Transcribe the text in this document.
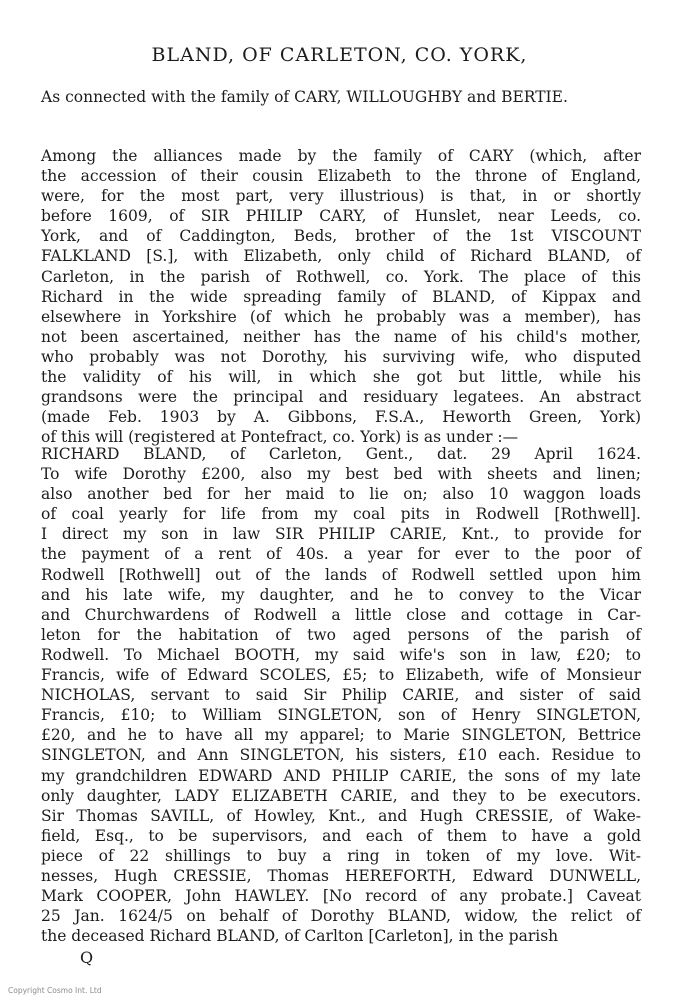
BLAND, OF CARLETON, CO. YORK,
As connected with the family of CARY, WILLOUGHBY and BERTIE.
Among the alliances made by the family of CARY (which, after
the accession of their cousin Elizabeth to the throne of England,
were, for the most part, very illustrious) is that, in or shortly
before 1609, of SIR PHILIP CARY, of Hunslet, near Leeds, co.
York, and of Caddington, Beds, brother of the 1st VISCOUNT
FALKLAND [S.], with Elizabeth, only child of Richard BLAND, of
Carleton, in the parish of Rothwell, co. York. The place of this
Richard in the wide spreading family of BLAND, of Kippax and
elsewhere in Yorkshire (of which he probably was a member), has
not been ascertained, neither has the name of his child's mother,
who probably was not Dorothy, his surviving wife, who disputed
the validity of his will, in which she got but little, while his
grandsons were the principal and residuary legatees. An abstract
(made Feb. 1903 by A. Gibbons, F.S.A., Heworth Green, York)
of this will (registered at Pontefract, co. York) is as under :—
RICHARD BLAND, of Carleton, Gent., dat. 29 April 1624.
To wife Dorothy £200, also my best bed with sheets and linen;
also another bed for her maid to lie on; also 10 waggon loads
of coal yearly for life from my coal pits in Rodwell [Rothwell].
I direct my son in law SIR PHILIP CARIE, Knt., to provide for
the payment of a rent of 40s. a year for ever to the poor of
Rodwell [Rothwell] out of the lands of Rodwell settled upon him
and his late wife, my daughter, and he to convey to the Vicar
and Churchwardens of Rodwell a little close and cottage in Car-
leton for the habitation of two aged persons of the parish of
Rodwell. To Michael BOOTH, my said wife's son in law, £20; to
Francis, wife of Edward SCOLES, £5; to Elizabeth, wife of Monsieur
NICHOLAS, servant to said Sir Philip CARIE, and sister of said
Francis, £10; to William SINGLETON, son of Henry SINGLETON,
£20, and he to have all my apparel; to Marie SINGLETON, Bettrice
SINGLETON, and Ann SINGLETON, his sisters, £10 each. Residue to
my grandchildren EDWARD AND PHILIP CARIE, the sons of my late
only daughter, LADY ELIZABETH CARIE, and they to be executors.
Sir Thomas SAVILL, of Howley, Knt., and Hugh CRESSIE, of Wake-
field, Esq., to be supervisors, and each of them to have a gold
piece of 22 shillings to buy a ring in token of my love. Wit-
nesses, Hugh CRESSIE, Thomas HEREFORTH, Edward DUNWELL,
Mark COOPER, John HAWLEY. [No record of any probate.] Caveat
25 Jan. 1624/5 on behalf of Dorothy BLAND, widow, the relict of
the deceased Richard BLAND, of Carlton [Carleton], in the parish
Q
Copyright Cosmo Int. Ltd
